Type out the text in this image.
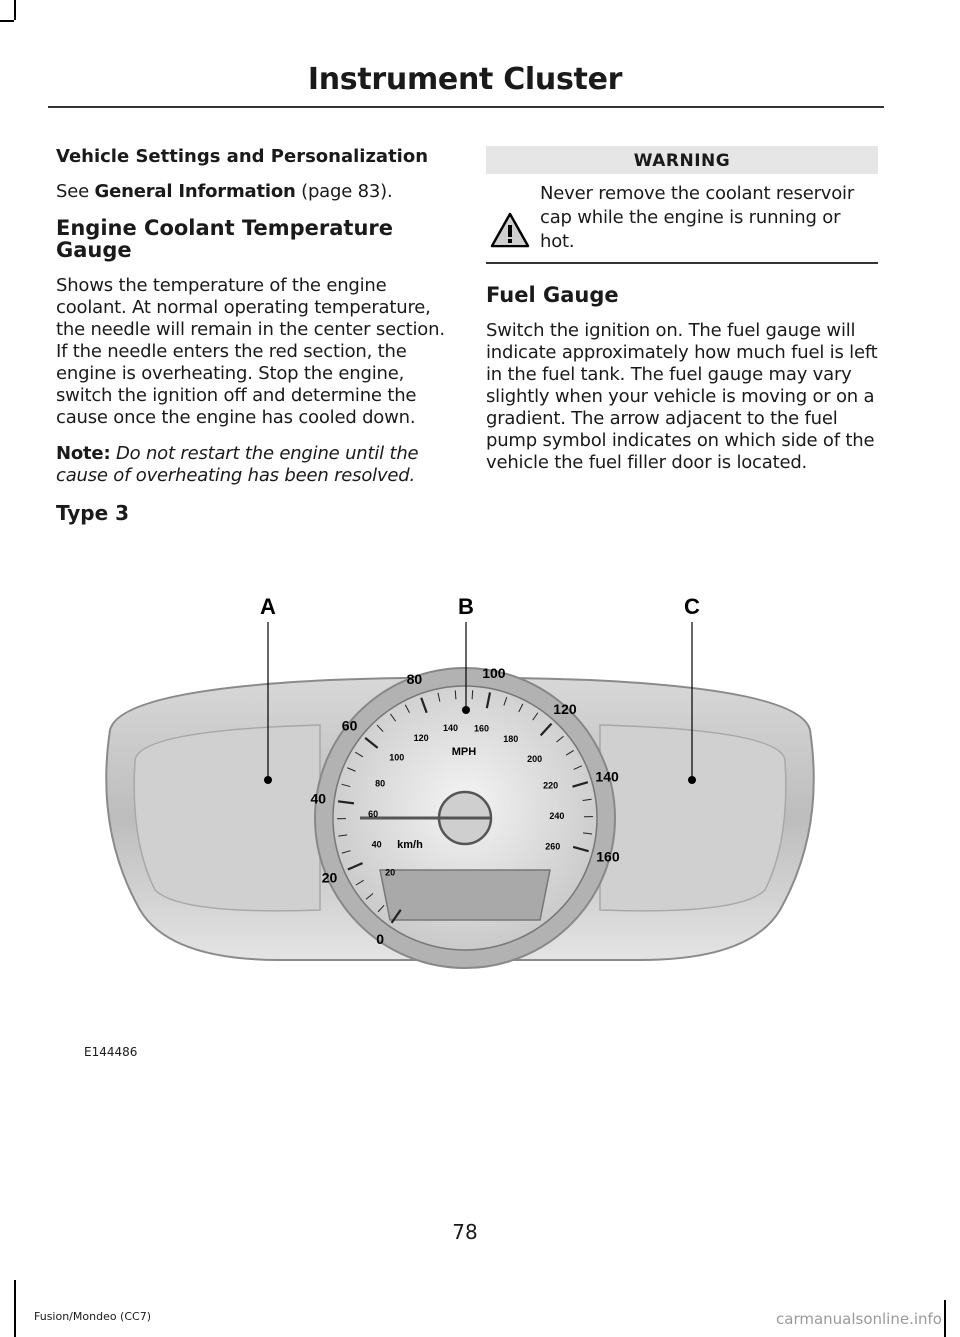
Instrument Cluster
Vehicle Settings and Personalization
See General Information (page 83).
Engine Coolant Temperature Gauge
Shows the temperature of the engine coolant. At normal operating temperature, the needle will remain in the center section. If the needle enters the red section, the engine is overheating. Stop the engine, switch the ignition off and determine the cause once the engine has cooled down.
Note: Do not restart the engine until the cause of overheating has been resolved.
Type 3
WARNING
Never remove the coolant reservoir cap while the engine is running or hot.
Fuel Gauge
Switch the ignition on. The fuel gauge will indicate approximately how much fuel is left in the fuel tank. The fuel gauge may vary slightly when your vehicle is moving or on a gradient. The arrow adjacent to the fuel pump symbol indicates on which side of the vehicle the fuel filler door is located.
0
20
40
60
80	100
120
140
160
20
40
60
80
100
120
140 160
180
200
220
240
260
MPH
km/h
A	B	C
E144486
78
Fusion/Mondeo (CC7)	carmanualsonline.info
